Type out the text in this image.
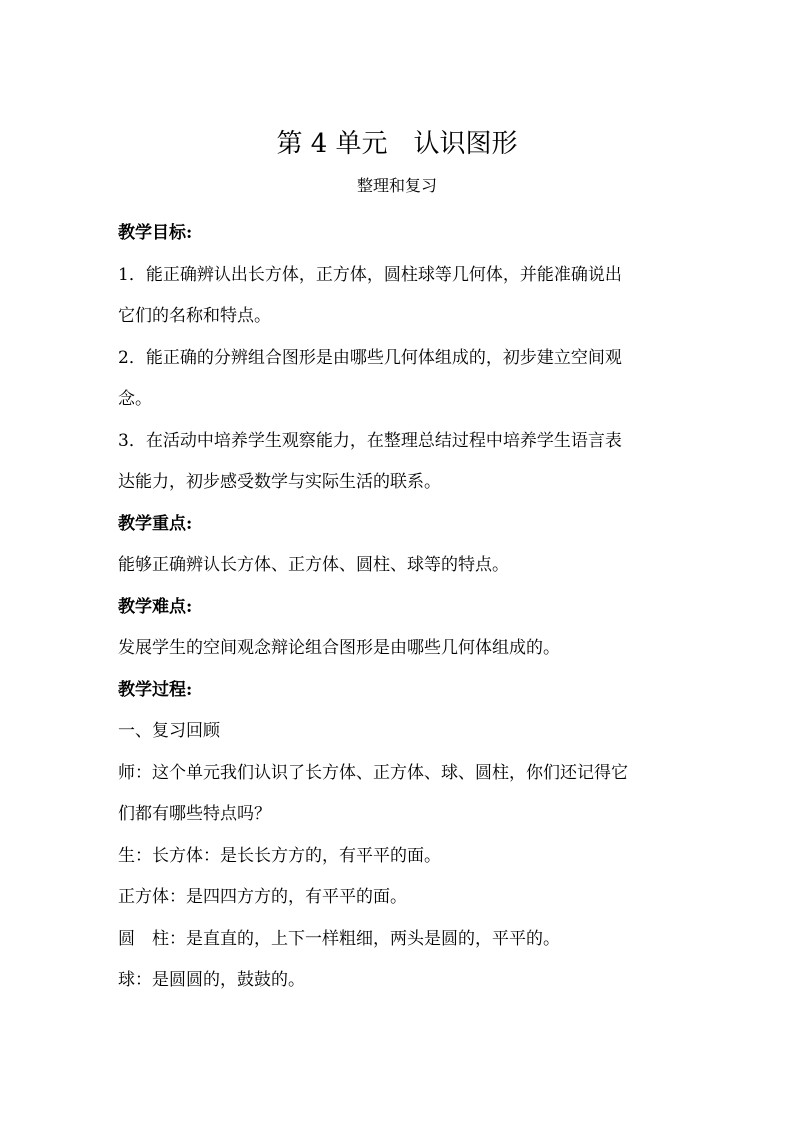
第 4 单元　认识图形
整理和复习

教学目标:

1．能正确辨认出长方体，正方体，圆柱球等几何体，并能准确说出

它们的名称和特点。

2．能正确的分辨组合图形是由哪些几何体组成的，初步建立空间观

念。

3．在活动中培养学生观察能力，在整理总结过程中培养学生语言表

达能力，初步感受数学与实际生活的联系。

教学重点:

能够正确辨认长方体、正方体、圆柱、球等的特点。

教学难点:

发展学生的空间观念辩论组合图形是由哪些几何体组成的。

教学过程:

一、复习回顾

师：这个单元我们认识了长方体、正方体、球、圆柱，你们还记得它

们都有哪些特点吗？

生：长方体：是长长方方的，有平平的面。

正方体：是四四方方的，有平平的面。

圆　柱：是直直的，上下一样粗细，两头是圆的，平平的。

球：是圆圆的，鼓鼓的。
